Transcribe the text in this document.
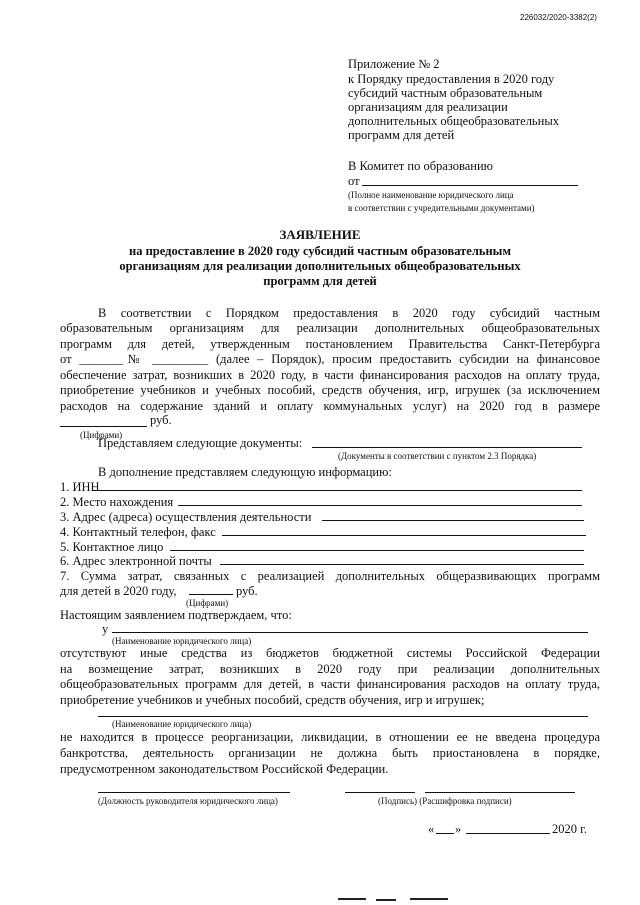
226032/2020-3382(2)
Приложение № 2
к Порядку предоставления в 2020 году
субсидий частным образовательным
организациям для реализации
дополнительных общеобразовательных
программ для детей
В Комитет по образованию
от
(Полное наименование юридического лица
в соответствии с учредительными документами)
ЗАЯВЛЕНИЕ
на предоставление в 2020 году субсидий частным образовательным
организациям для реализации дополнительных общеобразовательных
программ для детей
В соответствии с Порядком предоставления в 2020 году субсидий частным
образовательным организациям для реализации дополнительных общеобразовательных
программ для детей, утвержденным постановлением Правительства Санкт-Петербурга
от _______№ _________ (далее – Порядок), просим предоставить субсидии на финансовое
обеспечение затрат, возникших в 2020 году, в части финансирования расходов на оплату труда,
приобретение учебников и учебных пособий, средств обучения, игр, игрушек (за исключением
расходов на содержание зданий и оплату коммунальных услуг) на 2020 год в размере
руб.
(Цифрами)
Представляем следующие документы:
(Документы в соответствии с пунктом 2.3 Порядка)
В дополнение представляем следующую информацию:
1. ИНН
2. Место нахождения
3. Адрес (адреса) осуществления деятельности
4. Контактный телефон, факс
5. Контактное лицо
6. Адрес электронной почты
7. Сумма затрат, связанных с реализацией дополнительных общеразвивающих программ
для детей в 2020 году,	руб.
(Цифрами)
Настоящим заявлением подтверждаем, что:
у
(Наименование юридического лица)
отсутствуют иные средства из бюджетов бюджетной системы Российской Федерации
на возмещение затрат, возникших в 2020 году при реализации дополнительных
общеобразовательных программ для детей, в части финансирования расходов на оплату труда,
приобретение учебников и учебных пособий, средств обучения, игр и игрушек;
(Наименование юридического лица)
не находится в процессе реорганизации, ликвидации, в отношении ее не введена процедура
банкротства, деятельность организации не должна быть приостановлена в порядке,
предусмотренном законодательством Российской Федерации.
(Должность руководителя юридического лица)	(Подпись) (Расшифровка подписи)
« »	2020 г.
